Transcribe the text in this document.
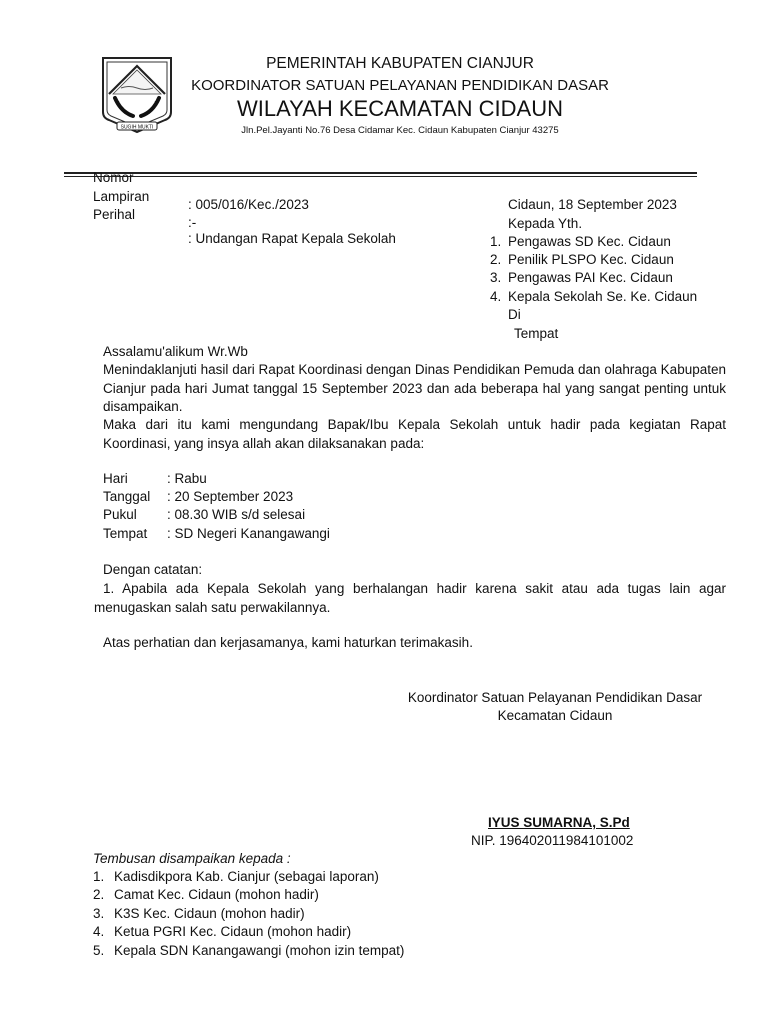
SUGIH MUKTI
PEMERINTAH KABUPATEN CIANJUR
KOORDINATOR SATUAN PELAYANAN PENDIDIKAN DASAR
WILAYAH KECAMATAN CIDAUN
Jln.Pel.Jayanti No.76 Desa Cidamar Kec. Cidaun Kabupaten Cianjur 43275
Nomor
Lampiran
Perihal
: 005/016/Kec./2023
:-
: Undangan Rapat Kepala Sekolah
Cidaun, 18 September 2023
Kepada Yth.
1. Pengawas SD Kec. Cidaun
2. Penilik PLSPO Kec. Cidaun
3. Pengawas PAI Kec. Cidaun
4. Kepala Sekolah Se. Ke. Cidaun
Di
Tempat
Assalamu'alikum Wr.Wb
Menindaklanjuti hasil dari Rapat Koordinasi dengan Dinas Pendidikan Pemuda dan olahraga Kabupaten Cianjur pada hari Jumat tanggal 15 September 2023 dan ada beberapa hal yang sangat penting untuk disampaikan.
Maka dari itu kami mengundang Bapak/Ibu Kepala Sekolah untuk hadir pada kegiatan Rapat Koordinasi, yang insya allah akan dilaksanakan pada:
Hari	: Rabu
Tanggal : 20 September 2023
Pukul : 08.30 WIB s/d selesai
Tempat : SD Negeri Kanangawangi
Dengan catatan:
1. Apabila ada Kepala Sekolah yang berhalangan hadir karena sakit atau ada tugas lain agar menugaskan salah satu perwakilannya.
Atas perhatian dan kerjasamanya, kami haturkan terimakasih.
Koordinator Satuan Pelayanan Pendidikan Dasar
Kecamatan Cidaun
IYUS SUMARNA, S.Pd
NIP. 196402011984101002
Tembusan disampaikan kepada :
1. Kadisdikpora Kab. Cianjur (sebagai laporan)
2. Camat Kec. Cidaun (mohon hadir)
3. K3S Kec. Cidaun (mohon hadir)
4. Ketua PGRI Kec. Cidaun (mohon hadir)
5. Kepala SDN Kanangawangi (mohon izin tempat)
